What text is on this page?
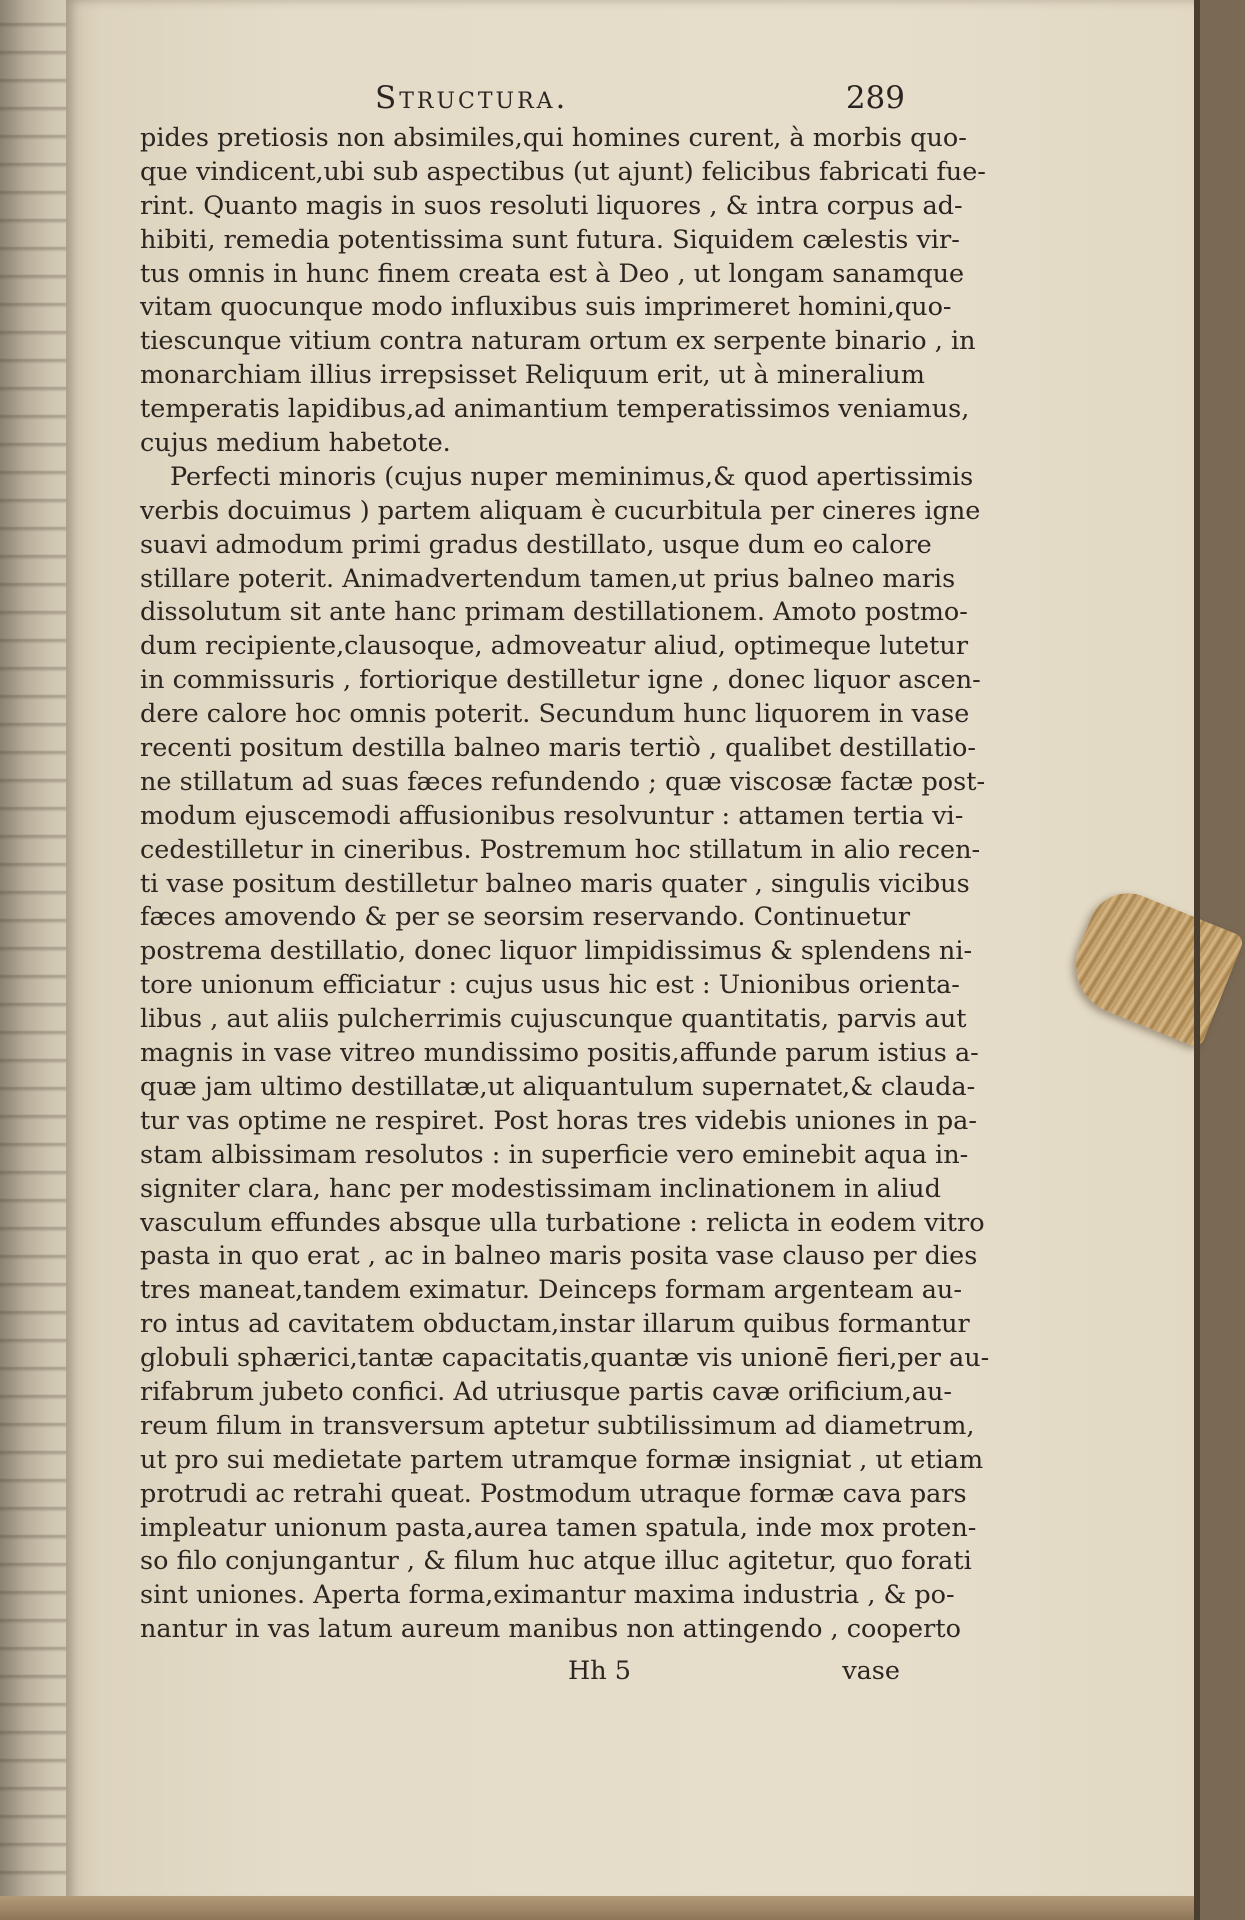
Structura.	289
pides pretiosis non absimiles,qui homines curent, à morbis quo-
que vindicent,ubi sub aspectibus (ut ajunt) felicibus fabricati fue-
rint. Quanto magis in suos resoluti liquores , & intra corpus ad-
hibiti, remedia potentissima sunt futura. Siquidem cælestis vir-
tus omnis in hunc finem creata est à Deo , ut longam sanamque
vitam quocunque modo influxibus suis imprimeret homini,quo-
tiescunque vitium contra naturam ortum ex serpente binario , in
monarchiam illius irrepsisset Reliquum erit, ut à mineralium
temperatis lapidibus,ad animantium temperatissimos veniamus,
cujus medium habetote.
Perfecti minoris (cujus nuper meminimus,& quod apertissimis
verbis docuimus ) partem aliquam è cucurbitula per cineres igne
suavi admodum primi gradus destillato, usque dum eo calore
stillare poterit. Animadvertendum tamen,ut prius balneo maris
dissolutum sit ante hanc primam destillationem. Amoto postmo-
dum recipiente,clausoque, admoveatur aliud, optimeque lutetur
in commissuris , fortiorique destilletur igne , donec liquor ascen-
dere calore hoc omnis poterit. Secundum hunc liquorem in vase
recenti positum destilla balneo maris tertiò , qualibet destillatio-
ne stillatum ad suas fæces refundendo ; quæ viscosæ factæ post-
modum ejuscemodi affusionibus resolvuntur : attamen tertia vi-
cedestilletur in cineribus. Postremum hoc stillatum in alio recen-
ti vase positum destilletur balneo maris quater , singulis vicibus
fæces amovendo & per se seorsim reservando. Continuetur
postrema destillatio, donec liquor limpidissimus & splendens ni-
tore unionum efficiatur : cujus usus hic est : Unionibus orienta-
libus , aut aliis pulcherrimis cujuscunque quantitatis, parvis aut
magnis in vase vitreo mundissimo positis,affunde parum istius a-
quæ jam ultimo destillatæ,ut aliquantulum supernatet,& clauda-
tur vas optime ne respiret. Post horas tres videbis uniones in pa-
stam albissimam resolutos : in superficie vero eminebit aqua in-
signiter clara, hanc per modestissimam inclinationem in aliud
vasculum effundes absque ulla turbatione : relicta in eodem vitro
pasta in quo erat , ac in balneo maris posita vase clauso per dies
tres maneat,tandem eximatur. Deinceps formam argenteam au-
ro intus ad cavitatem obductam,instar illarum quibus formantur
globuli sphærici,tantæ capacitatis,quantæ vis unionē fieri,per au-
rifabrum jubeto confici. Ad utriusque partis cavæ orificium,au-
reum filum in transversum aptetur subtilissimum ad diametrum,
ut pro sui medietate partem utramque formæ insigniat , ut etiam
protrudi ac retrahi queat. Postmodum utraque formæ cava pars
impleatur unionum pasta,aurea tamen spatula, inde mox proten-
so filo conjungantur , & filum huc atque illuc agitetur, quo forati
sint uniones. Aperta forma,eximantur maxima industria , & po-
nantur in vas latum aureum manibus non attingendo , cooperto
Hh 5	vase
